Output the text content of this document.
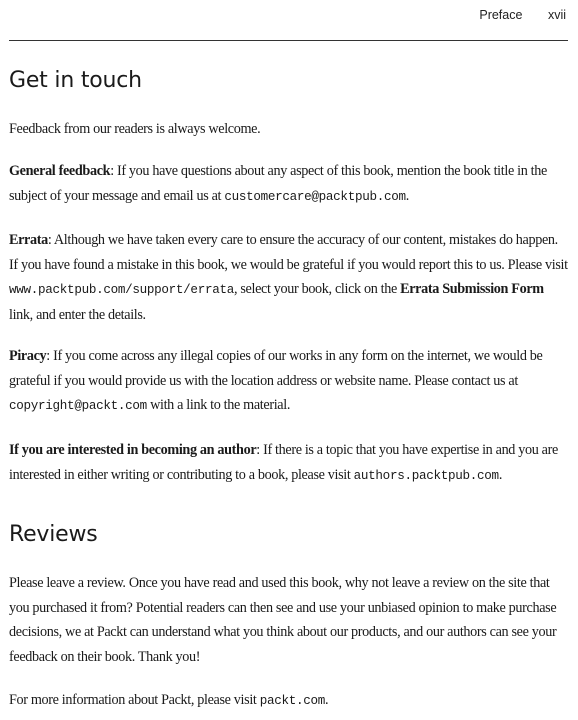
Preface xvii
Get in touch

Feedback from our readers is always welcome.

General feedback: If you have questions about any aspect of this book, mention the book title in the subject of your message and email us at customercare@packtpub.com.

Errata: Although we have taken every care to ensure the accuracy of our content, mistakes do happen. If you have found a mistake in this book, we would be grateful if you would report this to us. Please visit www.packtpub.com/support/errata, select your book, click on the Errata Submission Form link, and enter the details.

Piracy: If you come across any illegal copies of our works in any form on the internet, we would be grateful if you would provide us with the location address or website name. Please contact us at copyright@packt.com with a link to the material.

If you are interested in becoming an author: If there is a topic that you have expertise in and you are interested in either writing or contributing to a book, please visit authors.packtpub.com.

Reviews

Please leave a review. Once you have read and used this book, why not leave a review on the site that you purchased it from? Potential readers can then see and use your unbiased opinion to make purchase decisions, we at Packt can understand what you think about our products, and our authors can see your feedback on their book. Thank you!

For more information about Packt, please visit packt.com.
